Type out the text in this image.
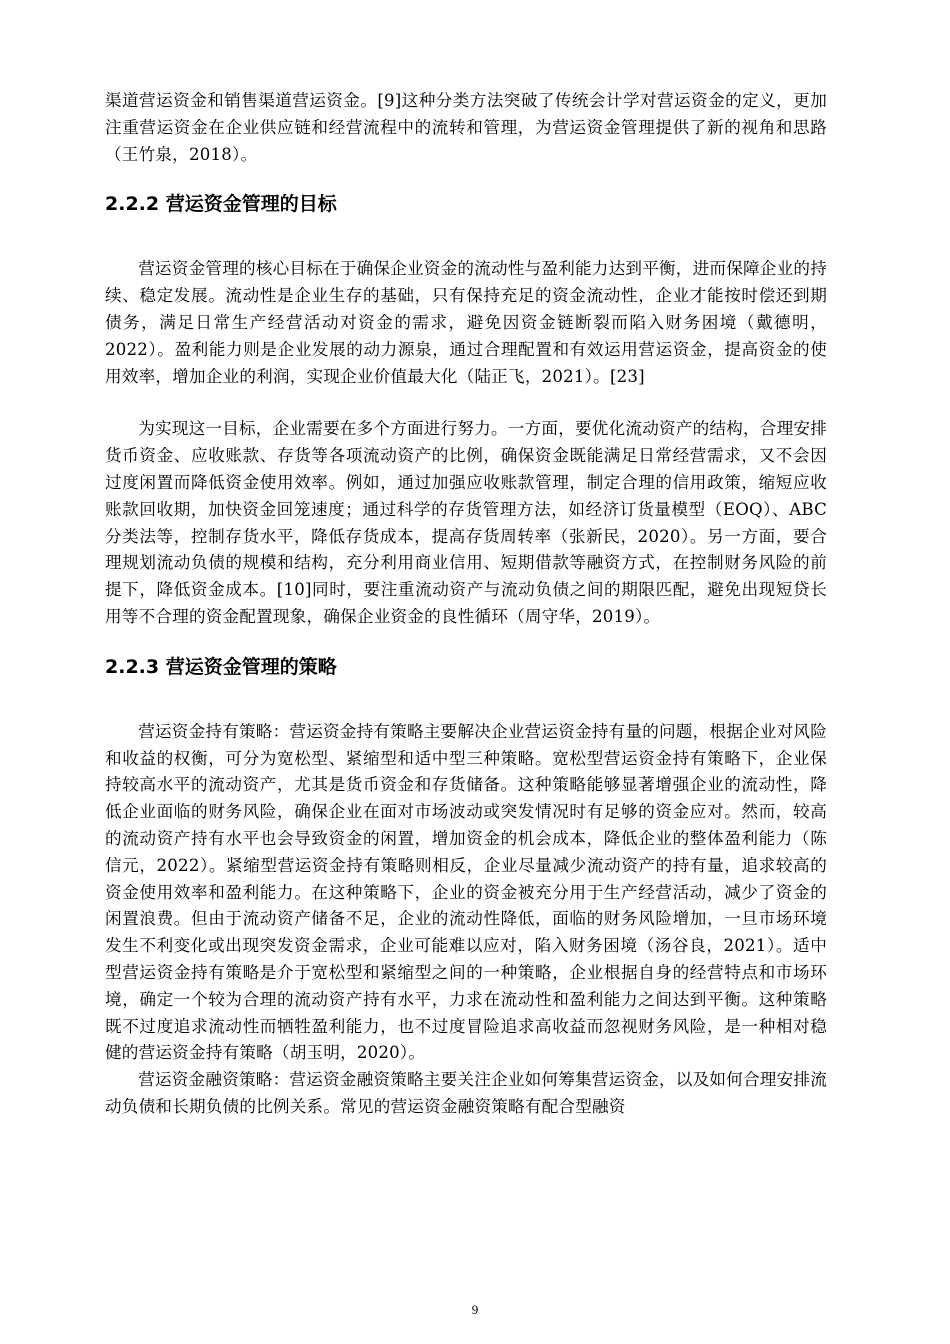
渠道营运资金和销售渠道营运资金。[9]这种分类方法突破了传统会计学对营运资金的定义，更加注重营运资金在企业供应链和经营流程中的流转和管理，为营运资金管理提供了新的视角和思路（王竹泉，2018）。

2.2.2 营运资金管理的目标

营运资金管理的核心目标在于确保企业资金的流动性与盈利能力达到平衡，进而保障企业的持续、稳定发展。流动性是企业生存的基础，只有保持充足的资金流动性，企业才能按时偿还到期债务，满足日常生产经营活动对资金的需求，避免因资金链断裂而陷入财务困境（戴德明，2022）。盈利能力则是企业发展的动力源泉，通过合理配置和有效运用营运资金，提高资金的使用效率，增加企业的利润，实现企业价值最大化（陆正飞，2021）。[23]

为实现这一目标，企业需要在多个方面进行努力。一方面，要优化流动资产的结构，合理安排货币资金、应收账款、存货等各项流动资产的比例，确保资金既能满足日常经营需求，又不会因过度闲置而降低资金使用效率。例如，通过加强应收账款管理，制定合理的信用政策，缩短应收账款回收期，加快资金回笼速度；通过科学的存货管理方法，如经济订货量模型（EOQ）、ABC 分类法等，控制存货水平，降低存货成本，提高存货周转率（张新民，2020）。另一方面，要合理规划流动负债的规模和结构，充分利用商业信用、短期借款等融资方式，在控制财务风险的前提下，降低资金成本。[10]同时，要注重流动资产与流动负债之间的期限匹配，避免出现短贷长用等不合理的资金配置现象，确保企业资金的良性循环（周守华，2019）。

2.2.3 营运资金管理的策略

营运资金持有策略：营运资金持有策略主要解决企业营运资金持有量的问题，根据企业对风险和收益的权衡，可分为宽松型、紧缩型和适中型三种策略。宽松型营运资金持有策略下，企业保持较高水平的流动资产，尤其是货币资金和存货储备。这种策略能够显著增强企业的流动性，降低企业面临的财务风险，确保企业在面对市场波动或突发情况时有足够的资金应对。然而，较高的流动资产持有水平也会导致资金的闲置，增加资金的机会成本，降低企业的整体盈利能力（陈信元，2022）。紧缩型营运资金持有策略则相反，企业尽量减少流动资产的持有量，追求较高的资金使用效率和盈利能力。在这种策略下，企业的资金被充分用于生产经营活动，减少了资金的闲置浪费。但由于流动资产储备不足，企业的流动性降低，面临的财务风险增加，一旦市场环境发生不利变化或出现突发资金需求，企业可能难以应对，陷入财务困境（汤谷良，2021）。适中型营运资金持有策略是介于宽松型和紧缩型之间的一种策略，企业根据自身的经营特点和市场环境，确定一个较为合理的流动资产持有水平，力求在流动性和盈利能力之间达到平衡。这种策略既不过度追求流动性而牺牲盈利能力，也不过度冒险追求高收益而忽视财务风险，是一种相对稳健的营运资金持有策略（胡玉明，2020）。

营运资金融资策略：营运资金融资策略主要关注企业如何筹集营运资金，以及如何合理安排流动负债和长期负债的比例关系。常见的营运资金融资策略有配合型融资

9
